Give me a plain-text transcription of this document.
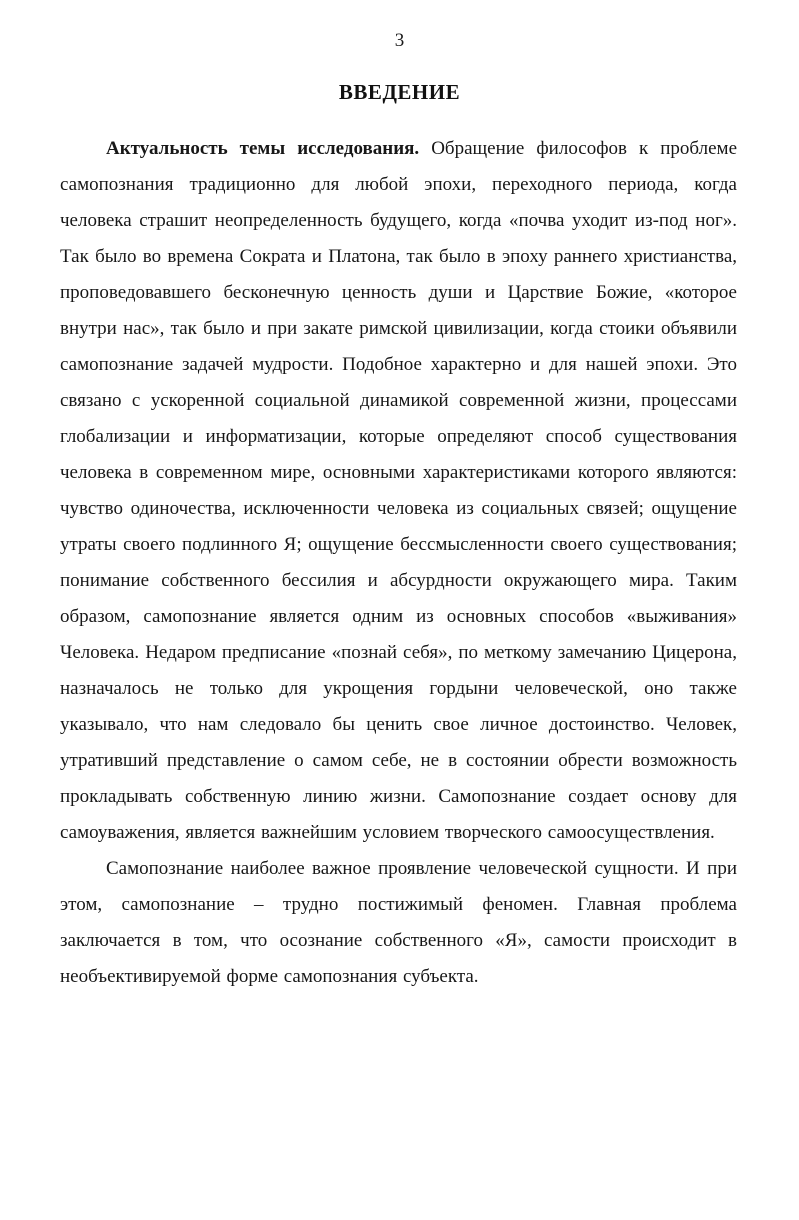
3
ВВЕДЕНИЕ

Актуальность темы исследования. Обращение философов к проблеме самопознания традиционно для любой эпохи, переходного периода, когда человека страшит неопределенность будущего, когда «почва уходит из-под ног». Так было во времена Сократа и Платона, так было в эпоху раннего христианства, проповедовавшего бесконечную ценность души и Царствие Божие, «которое внутри нас», так было и при закате римской цивилизации, когда стоики объявили самопознание задачей мудрости. Подобное характерно и для нашей эпохи. Это связано с ускоренной социальной динамикой современной жизни, процессами глобализации и информатизации, которые определяют способ существования человека в современном мире, основными характеристиками которого являются: чувство одиночества, исключенности человека из социальных связей; ощущение утраты своего подлинного Я; ощущение бессмысленности своего существования; понимание собственного бессилия и абсурдности окружающего мира. Таким образом, самопознание является одним из основных способов «выживания» Человека. Недаром предписание «познай себя», по меткому замечанию Цицерона, назначалось не только для укрощения гордыни человеческой, оно также указывало, что нам следовало бы ценить свое личное достоинство. Человек, утративший представление о самом себе, не в состоянии обрести возможность прокладывать собственную линию жизни. Самопознание создает основу для самоуважения, является важнейшим условием творческого самоосуществления.

Самопознание наиболее важное проявление человеческой сущности. И при этом, самопознание – трудно постижимый феномен. Главная проблема заключается в том, что осознание собственного «Я», самости происходит в необъективируемой форме самопознания субъекта.
